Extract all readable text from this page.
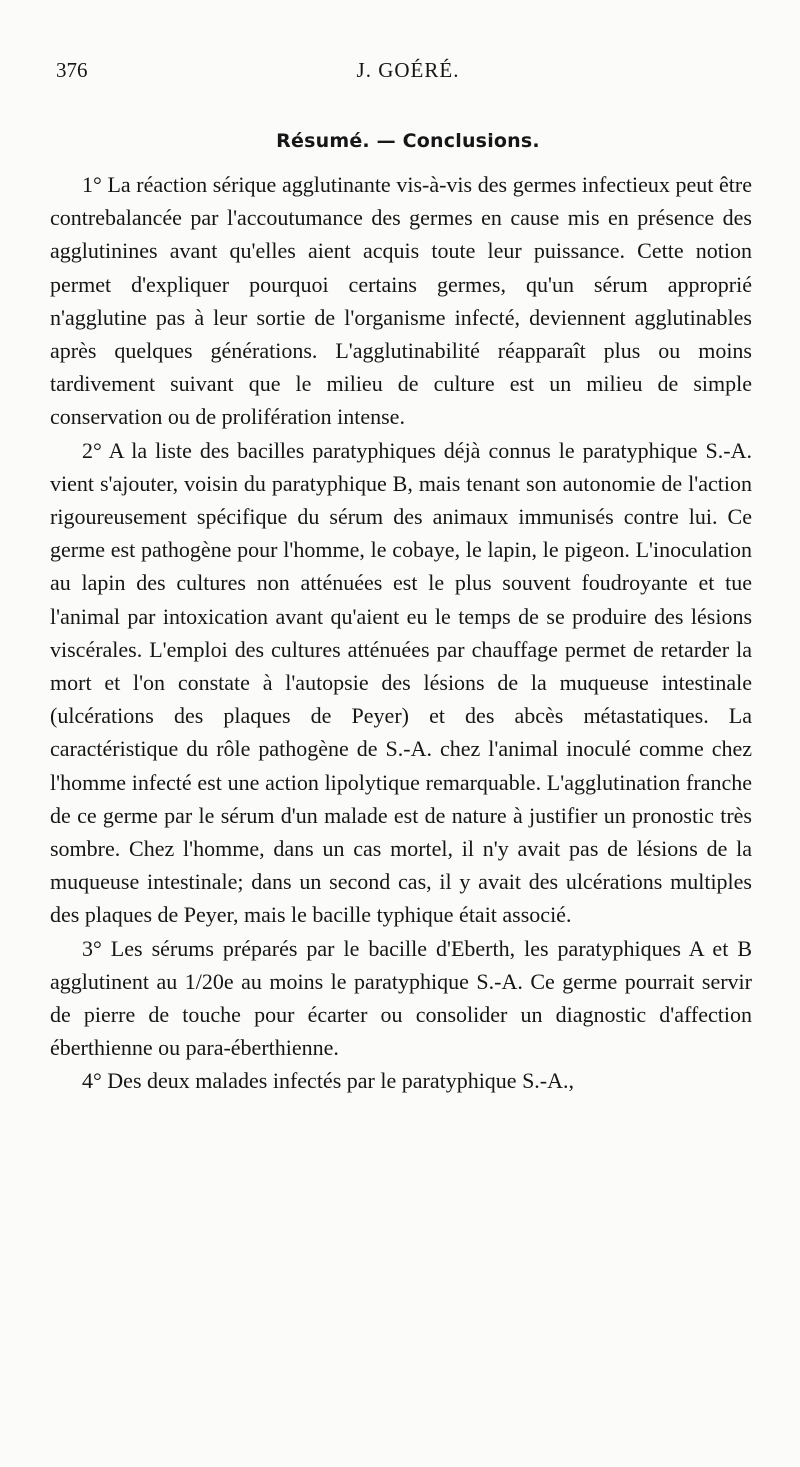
376	J. GOÉRÉ.
Résumé. — Conclusions.

1° La réaction sérique agglutinante vis-à-vis des germes infectieux peut être contrebalancée par l'accoutumance des germes en cause mis en présence des agglutinines avant qu'elles aient acquis toute leur puissance. Cette notion permet d'expliquer pourquoi certains germes, qu'un sérum approprié n'agglutine pas à leur sortie de l'organisme infecté, deviennent agglutinables après quelques générations. L'agglutinabilité réapparaît plus ou moins tardivement suivant que le milieu de culture est un milieu de simple conservation ou de prolifération intense.

2° A la liste des bacilles paratyphiques déjà connus le paratyphique S.-A. vient s'ajouter, voisin du paratyphique B, mais tenant son autonomie de l'action rigoureusement spécifique du sérum des animaux immunisés contre lui. Ce germe est pathogène pour l'homme, le cobaye, le lapin, le pigeon. L'inoculation au lapin des cultures non atténuées est le plus souvent foudroyante et tue l'animal par intoxication avant qu'aient eu le temps de se produire des lésions viscérales. L'emploi des cultures atténuées par chauffage permet de retarder la mort et l'on constate à l'autopsie des lésions de la muqueuse intestinale (ulcérations des plaques de Peyer) et des abcès métastatiques. La caractéristique du rôle pathogène de S.-A. chez l'animal inoculé comme chez l'homme infecté est une action lipolytique remarquable. L'agglutination franche de ce germe par le sérum d'un malade est de nature à justifier un pronostic très sombre. Chez l'homme, dans un cas mortel, il n'y avait pas de lésions de la muqueuse intestinale; dans un second cas, il y avait des ulcérations multiples des plaques de Peyer, mais le bacille typhique était associé.

3° Les sérums préparés par le bacille d'Eberth, les paratyphiques A et B agglutinent au 1/20e au moins le paratyphique S.-A. Ce germe pourrait servir de pierre de touche pour écarter ou consolider un diagnostic d'affection éberthienne ou para-éberthienne.

4° Des deux malades infectés par le paratyphique S.-A.,
